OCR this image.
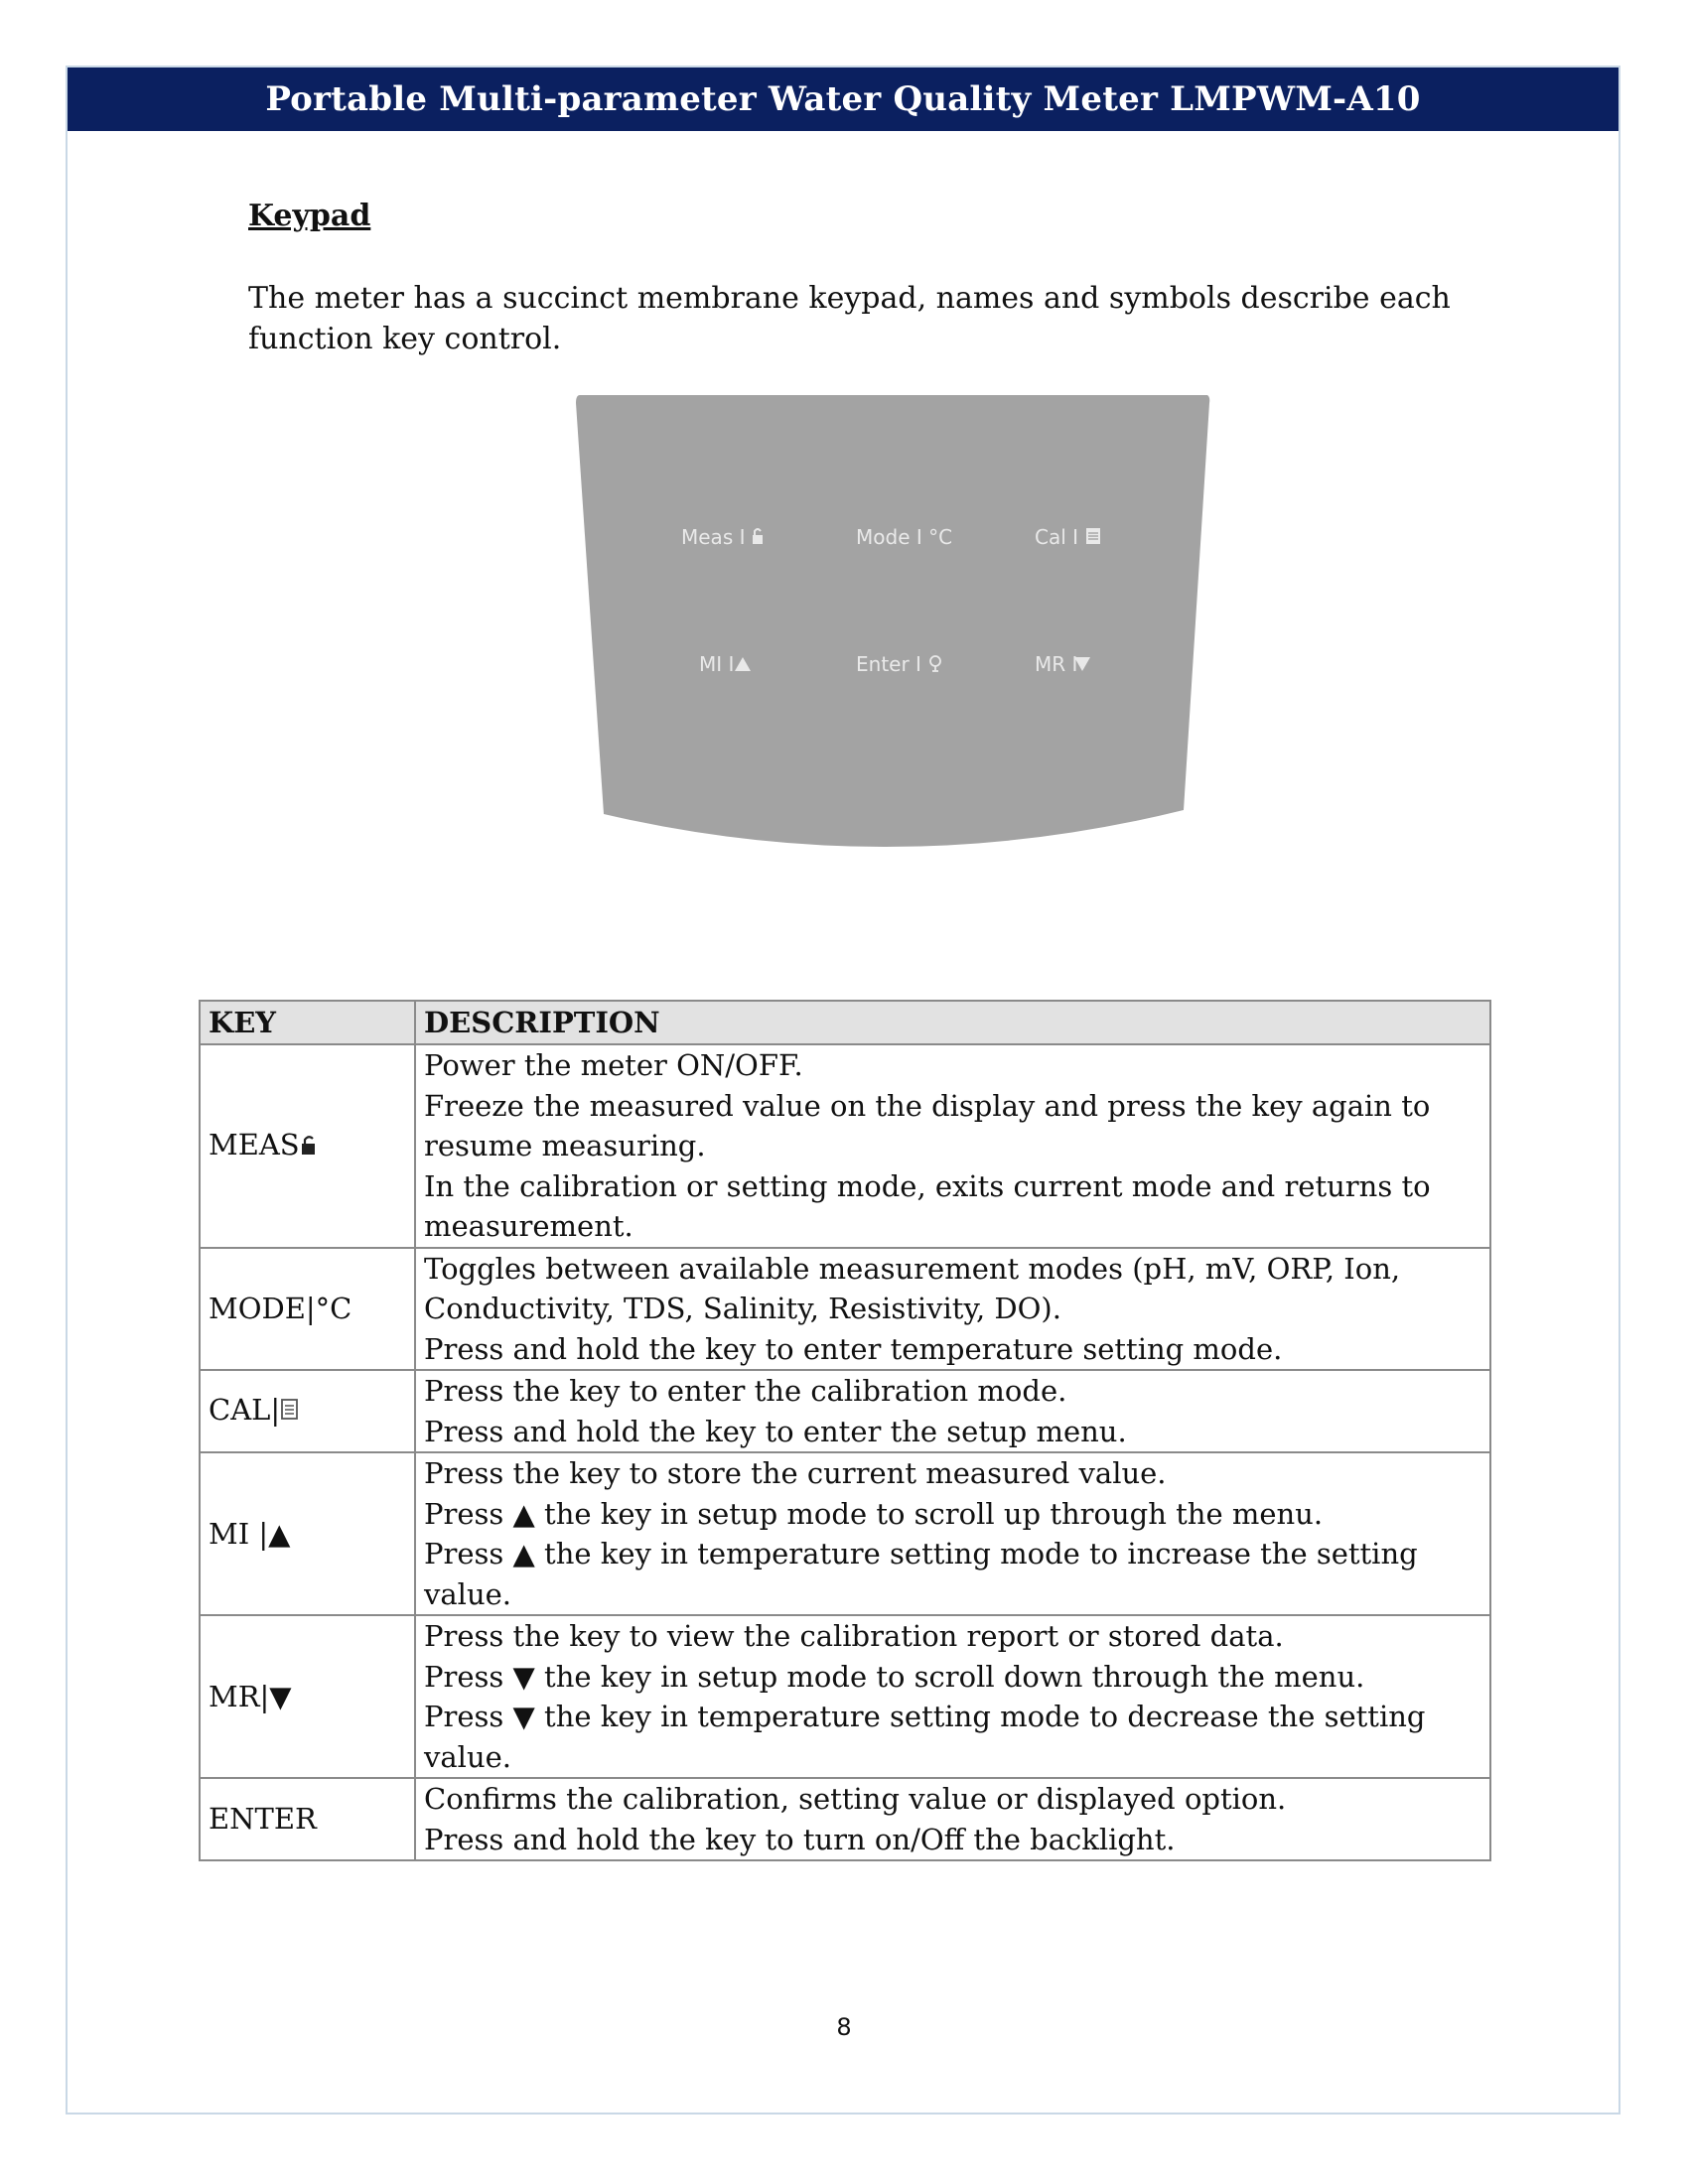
Portable Multi-parameter Water Quality Meter LMPWM-A10
Keypad
The meter has a succinct membrane keypad, names and symbols describe each function key control.
Meas I	Mode I °C	Cal I
MI I	Enter I	MR I
KEY	DESCRIPTION
MEAS	Power the meter ON/OFF.
Freeze the measured value on the display and press the key again to resume measuring.
In the calibration or setting mode, exits current mode and returns to measurement.

MODE|°C	Toggles between available measurement modes (pH, mV, ORP, Ion, Conductivity, TDS, Salinity, Resistivity, DO).
Press and hold the key to enter temperature setting mode.

CAL|	Press the key to enter the calibration mode.
Press and hold the key to enter the setup menu.

MI |▲	Press the key to store the current measured value.
Press ▲ the key in setup mode to scroll up through the menu.
Press ▲ the key in temperature setting mode to increase the setting value.

MR|▼	Press the key to view the calibration report or stored data.
Press ▼ the key in setup mode to scroll down through the menu.
Press ▼ the key in temperature setting mode to decrease the setting value.

ENTER	Confirms the calibration, setting value or displayed option.
Press and hold the key to turn on/Off the backlight.
8
